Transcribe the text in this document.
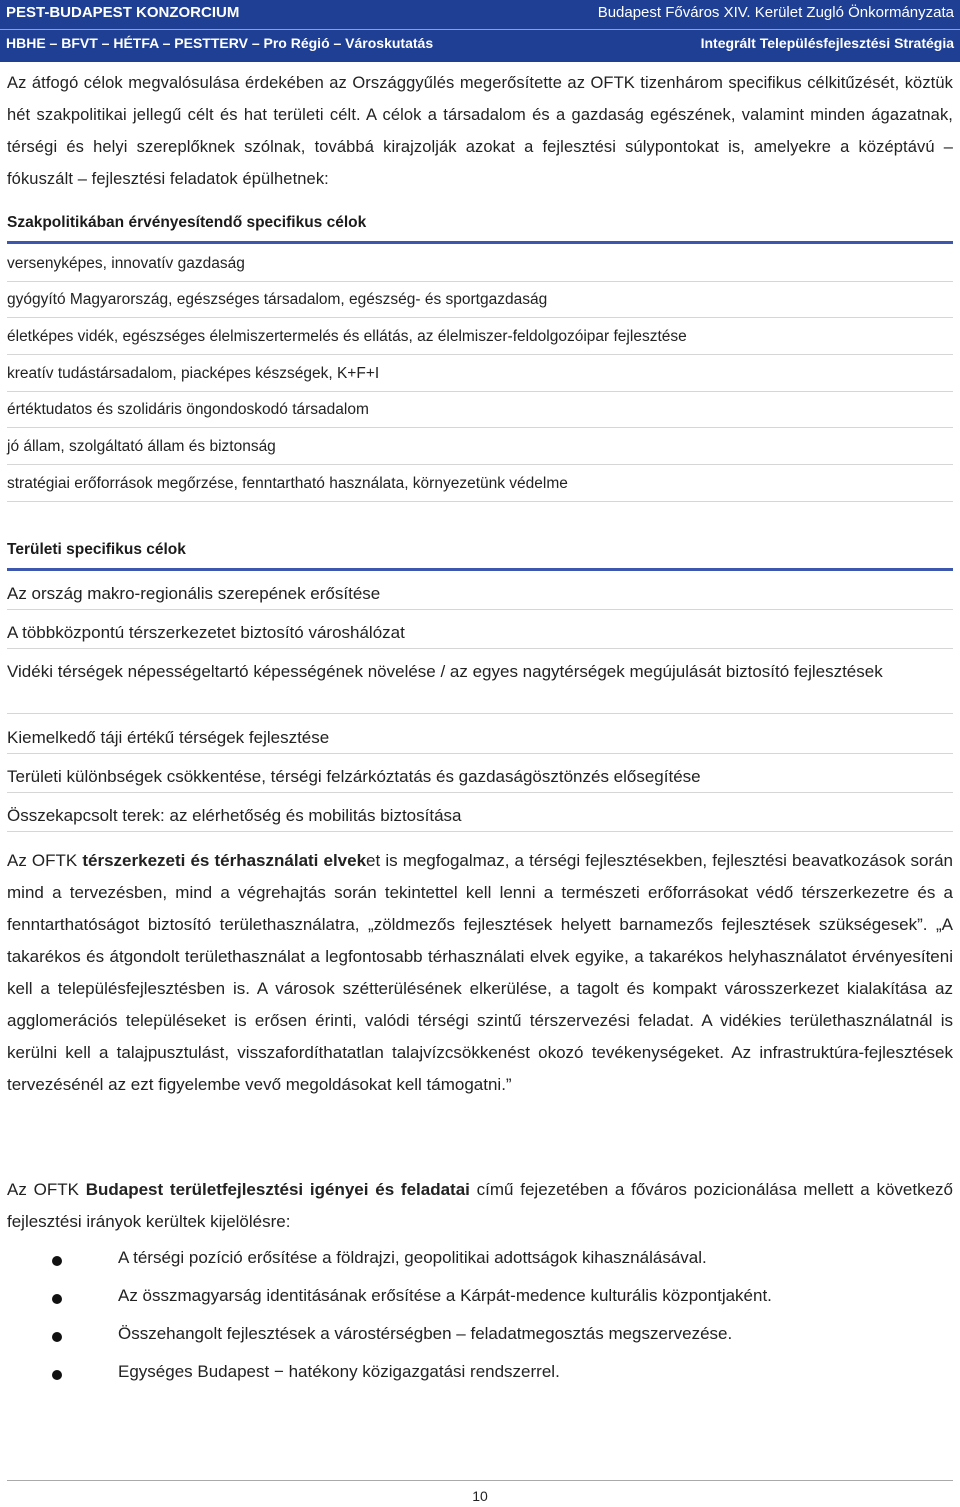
PEST-BUDAPEST KONZORCIUM	Budapest Főváros XIV. Kerület Zugló Önkormányzata
HBHE – BFVT – HÉTFA – PESTTERV – Pro Régió – Városkutatás	Integrált Településfejlesztési Stratégia
Az átfogó célok megvalósulása érdekében az Országgyűlés megerősítette az OFTK tizenhárom specifikus célkitűzését, köztük hét szakpolitikai jellegű célt és hat területi célt. A célok a társadalom és a gazdaság egészének, valamint minden ágazatnak, térségi és helyi szereplőknek szólnak, továbbá kirajzolják azokat a fejlesztési súlypontokat is, amelyekre a középtávú – fókuszált – fejlesztési feladatok épülhetnek:
Szakpolitikában érvényesítendő specifikus célok
versenyképes, innovatív gazdaság
gyógyító Magyarország, egészséges társadalom, egészség- és sportgazdaság
életképes vidék, egészséges élelmiszertermelés és ellátás, az élelmiszer-feldolgozóipar fejlesztése
kreatív tudástársadalom, piacképes készségek, K+F+I
értéktudatos és szolidáris öngondoskodó társadalom
jó állam, szolgáltató állam és biztonság
stratégiai erőforrások megőrzése, fenntartható használata, környezetünk védelme
Területi specifikus célok
Az ország makro-regionális szerepének erősítése
A többközpontú térszerkezetet biztosító városhálózat
Vidéki térségek népességeltartó képességének növelése / az egyes nagytérségek megújulását biztosító fejlesztések
Kiemelkedő táji értékű térségek fejlesztése
Területi különbségek csökkentése, térségi felzárkóztatás és gazdaságösztönzés elősegítése
Összekapcsolt terek: az elérhetőség és mobilitás biztosítása
Az OFTK térszerkezeti és térhasználati elveket is megfogalmaz, a térségi fejlesztésekben, fejlesztési beavatkozások során mind a tervezésben, mind a végrehajtás során tekintettel kell lenni a természeti erőforrásokat védő térszerkezetre és a fenntarthatóságot biztosító területhasználatra, „zöldmezős fejlesztések helyett barnamezős fejlesztések szükségesek”. „A takarékos és átgondolt területhasználat a legfontosabb térhasználati elvek egyike, a takarékos helyhasználatot érvényesíteni kell a településfejlesztésben is. A városok szétterülésének elkerülése, a tagolt és kompakt városszerkezet kialakítása az agglomerációs településeket is erősen érinti, valódi térségi szintű térszervezési feladat. A vidékies területhasználatnál is kerülni kell a talajpusztulást, visszafordíthatatlan talajvízcsökkenést okozó tevékenységeket. Az infrastruktúra-fejlesztések tervezésénél az ezt figyelembe vevő megoldásokat kell támogatni.”
Az OFTK Budapest területfejlesztési igényei és feladatai című fejezetében a főváros pozicionálása mellett a következő fejlesztési irányok kerültek kijelölésre:
A térségi pozíció erősítése a földrajzi, geopolitikai adottságok kihasználásával.
Az összmagyarság identitásának erősítése a Kárpát-medence kulturális központjaként.
Összehangolt fejlesztések a várostérségben – feladatmegosztás megszervezése.
Egységes Budapest − hatékony közigazgatási rendszerrel.
10
